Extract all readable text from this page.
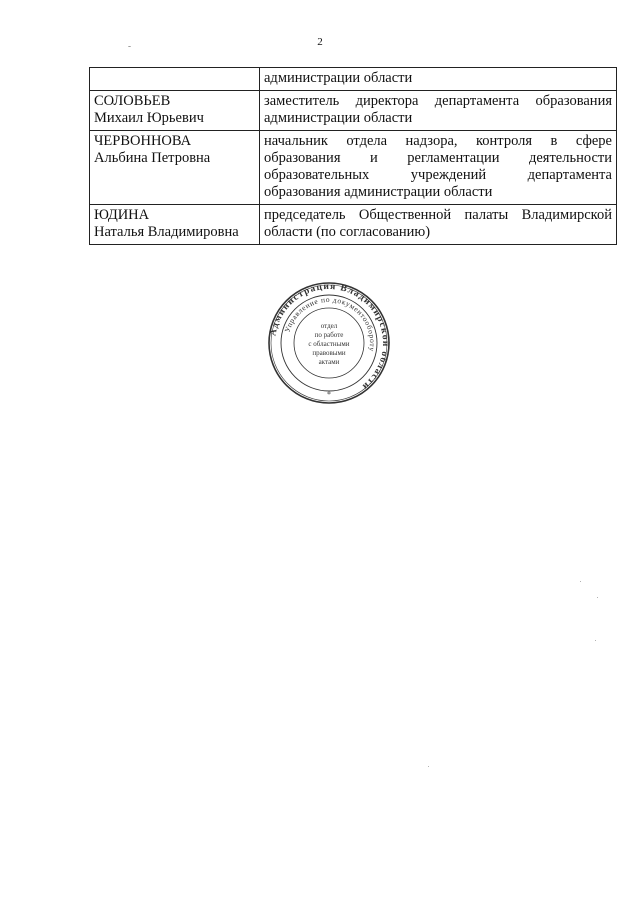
2
	администрации области

СОЛОВЬЕВ
Михаил Юрьевич	заместитель директора департамента образования администрации области

ЧЕРВОННОВА
Альбина Петровна	начальник отдела надзора, контроля в сфере образования и регламентации деятельности образовательных учреждений департамента образования администрации области

ЮДИНА
Наталья Владимировна	председатель Общественной палаты Владимирской области (по согласованию)
Администрация Владимирской области
Управление по документообороту
отдел
по работе
с областными
правовыми
актами
*
